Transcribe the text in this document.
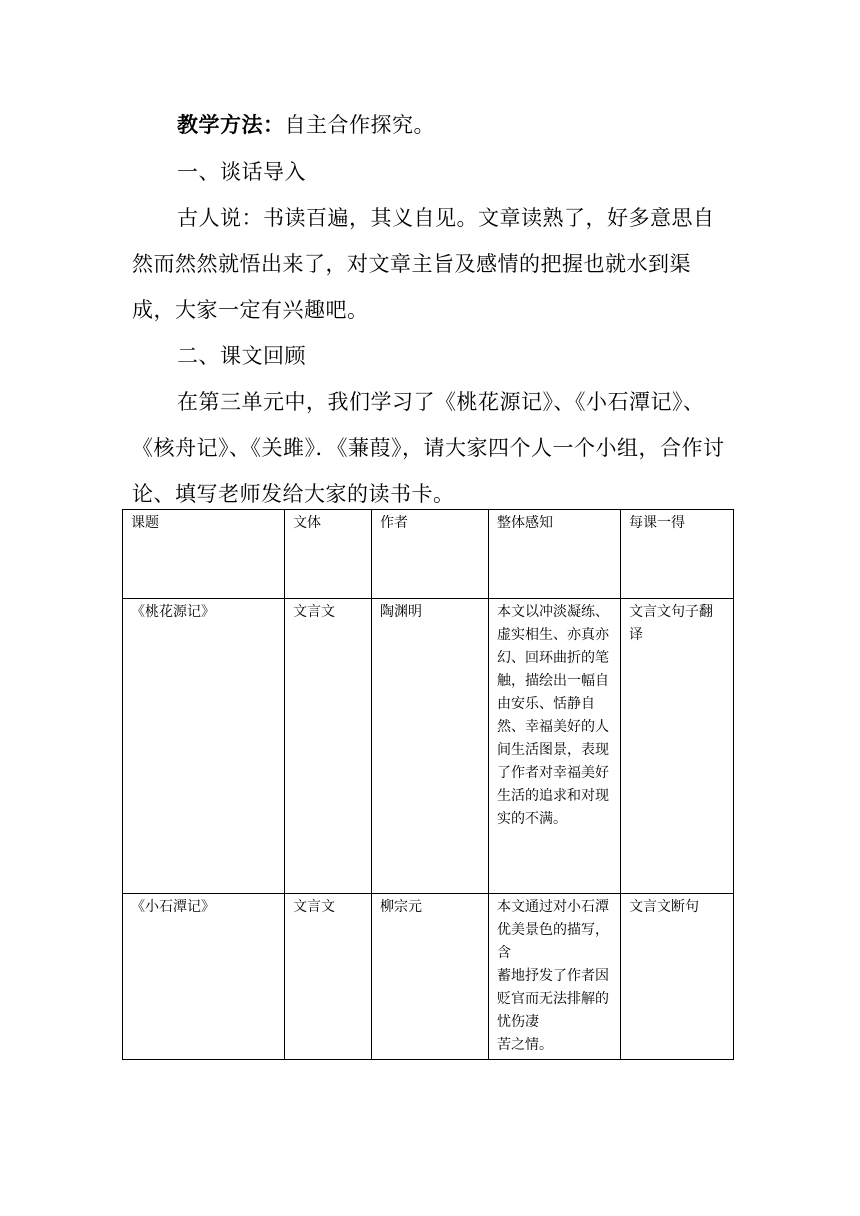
教学方法：自主合作探究。

一、谈话导入

古人说：书读百遍，其义自见。文章读熟了，好多意思自然而然然就悟出来了，对文章主旨及感情的把握也就水到渠成，大家一定有兴趣吧。

二、课文回顾

在第三单元中，我们学习了《桃花源记》、《小石潭记》、《核舟记》、《关雎》．《蒹葭》，请大家四个人一个小组，合作讨论、填写老师发给大家的读书卡。

课题	文体	作者	整体感知	每课一得
《桃花源记》	文言文	陶渊明	本文以冲淡凝练、虚实相生、亦真亦幻、回环曲折的笔触，描绘出一幅自由安乐、恬静自然、幸福美好的人间生活图景，表现了作者对幸福美好生活的追求和对现实的不满。	文言文句子翻译
《小石潭记》	文言文	柳宗元	本文通过对小石潭优美景色的描写，含
蓄地抒发了作者因贬官而无法排解的忧伤凄
苦之情。	文言文断句
